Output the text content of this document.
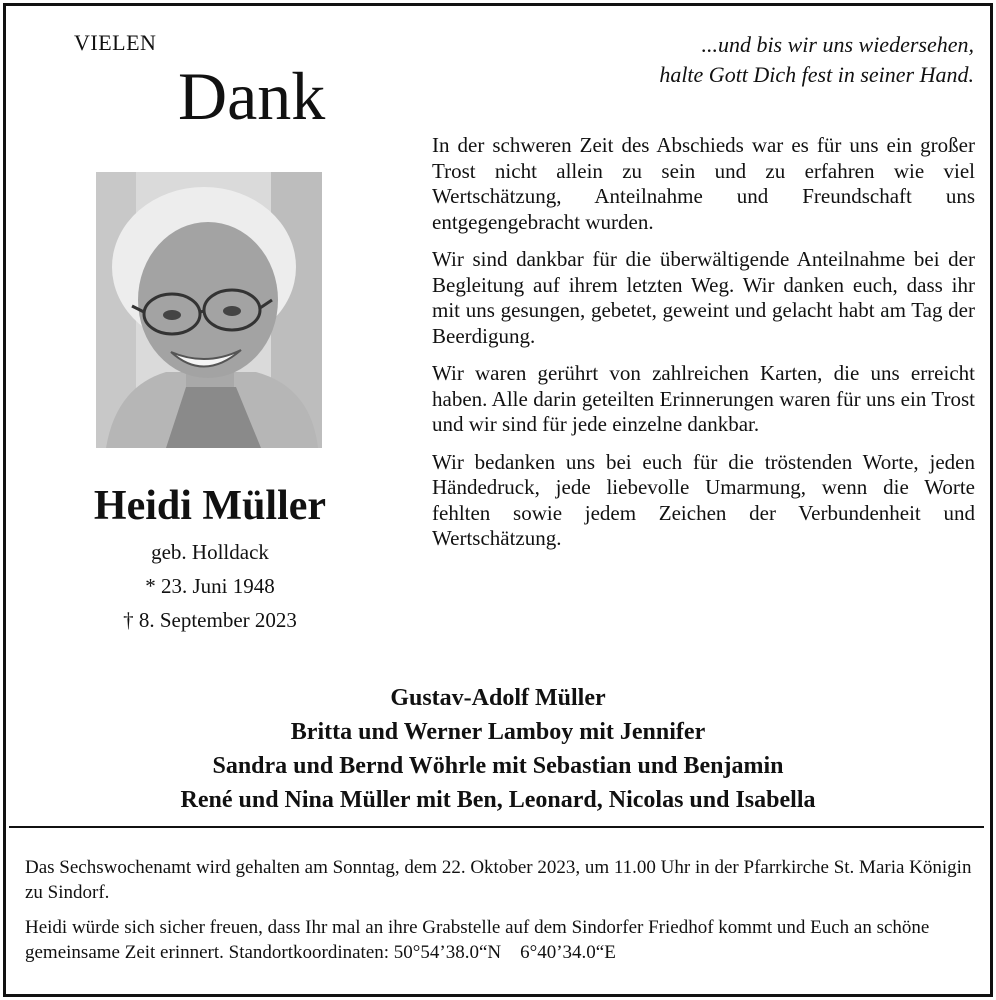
VIELEN
Dank
...und bis wir uns wiedersehen,
halte Gott Dich fest in seiner Hand.
Heidi Müller
geb. Holldack
* 23. Juni 1948
† 8. September 2023

In der schweren Zeit des Abschieds war es für uns ein großer Trost nicht allein zu sein und zu erfahren wie viel Wertschätzung, Anteilnahme und Freundschaft uns entgegengebracht wurden.

Wir sind dankbar für die überwältigende Anteilnahme bei der Begleitung auf ihrem letzten Weg. Wir danken euch, dass ihr mit uns gesungen, gebetet, geweint und gelacht habt am Tag der Beerdigung.

Wir waren gerührt von zahlreichen Karten, die uns erreicht haben. Alle darin geteilten Erinnerungen waren für uns ein Trost und wir sind für jede einzelne dankbar.

Wir bedanken uns bei euch für die tröstenden Worte, jeden Händedruck, jede liebevolle Umarmung, wenn die Worte fehlten sowie jedem Zeichen der Verbundenheit und Wertschätzung.

Gustav-Adolf Müller
Britta und Werner Lamboy mit Jennifer
Sandra und Bernd Wöhrle mit Sebastian und Benjamin
René und Nina Müller mit Ben, Leonard, Nicolas und Isabella

Das Sechswochenamt wird gehalten am Sonntag, dem 22. Oktober 2023, um 11.00 Uhr in der Pfarrkirche St. Maria Königin zu Sindorf.

Heidi würde sich sicher freuen, dass Ihr mal an ihre Grabstelle auf dem Sindorfer Friedhof kommt und Euch an schöne gemeinsame Zeit erinnert. Standortkoordinaten: 50°54’38.0“N    6°40’34.0“E
